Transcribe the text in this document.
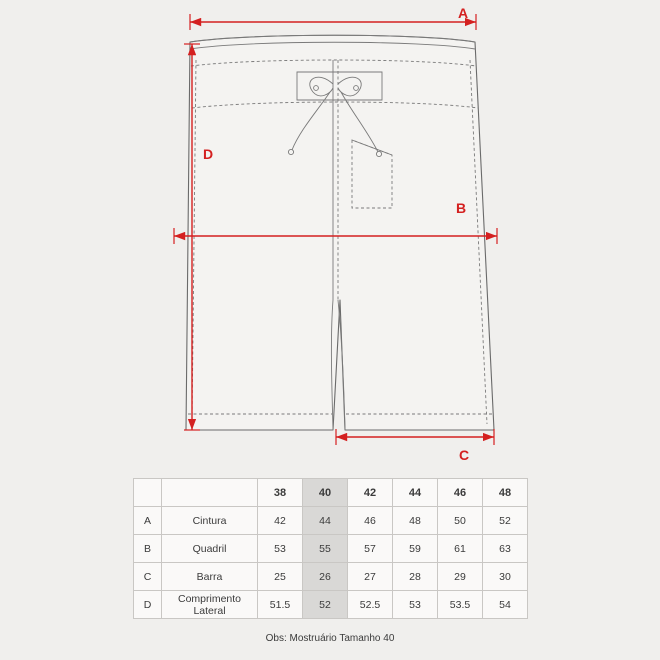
A
B
C
D
		38	40	42	44	46	48
A	Cintura	42	44	46	48	50	52
B	Quadril	53	55	57	59	61	63
C	Barra	25	26	27	28	29	30
D	Comprimento Lateral	51.5	52	52.5	53	53.5	54
Obs: Mostruário Tamanho 40
